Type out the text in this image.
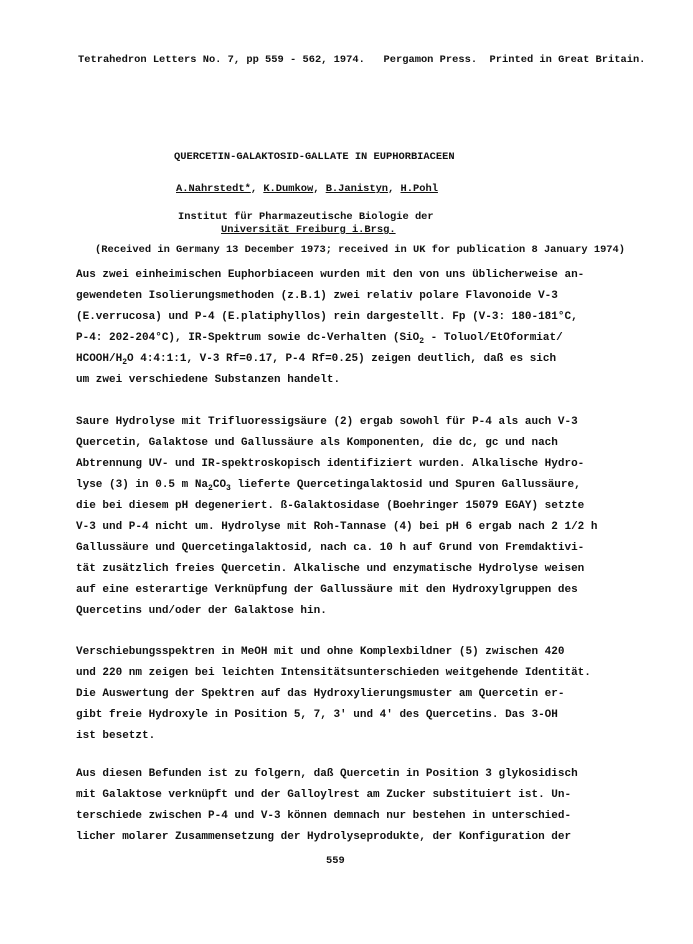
Tetrahedron Letters No. 7, pp 559 - 562, 1974.   Pergamon Press.  Printed in Great Britain.
QUERCETIN-GALAKTOSID-GALLATE IN EUPHORBIACEEN
A.Nahrstedt*, K.Dumkow, B.Janistyn, H.Pohl
Institut für Pharmazeutische Biologie der
Universität Freiburg i.Brsg.
(Received in Germany 13 December 1973; received in UK for publication 8 January 1974)
Aus zwei einheimischen Euphorbiaceen wurden mit den von uns üblicherweise an-
gewendeten Isolierungsmethoden (z.B.1) zwei relativ polare Flavonoide V-3
(E.verrucosa) und P-4 (E.platiphyllos) rein dargestellt. Fp (V-3: 180-181°C,
P-4: 202-204°C), IR-Spektrum sowie dc-Verhalten (SiO$_2$ - Toluol/EtOformiat/
HCOOH/$H_2O$ 4:4:1:1, V-3 Rf=0.17, P-4 Rf=0.25) zeigen deutlich, daß es sich
um zwei verschiedene Substanzen handelt.
Saure Hydrolyse mit Trifluoressigsäure (2) ergab sowohl für P-4 als auch V-3
Quercetin, Galaktose und Gallussäure als Komponenten, die dc, gc und nach
Abtrennung UV- und IR-spektroskopisch identifiziert wurden. Alkalische Hydro-
lyse (3) in 0.5 m $Na_2CO_3$ lieferte Quercetingalaktosid und Spuren Gallussäure,
die bei diesem pH degeneriert. ß-Galaktosidase (Boehringer 15079 EGAY) setzte
V-3 und P-4 nicht um. Hydrolyse mit Roh-Tannase (4) bei pH 6 ergab nach 2 1/2 h
Gallussäure und Quercetingalaktosid, nach ca. 10 h auf Grund von Fremdaktivi-
tät zusätzlich freies Quercetin. Alkalische und enzymatische Hydrolyse weisen
auf eine esterartige Verknüpfung der Gallussäure mit den Hydroxylgruppen des
Quercetins und/oder der Galaktose hin.
Verschiebungsspektren in MeOH mit und ohne Komplexbildner (5) zwischen 420
und 220 nm zeigen bei leichten Intensitätsunterschieden weitgehende Identität.
Die Auswertung der Spektren auf das Hydroxylierungsmuster am Quercetin er-
gibt freie Hydroxyle in Position 5, 7, 3' und 4' des Quercetins. Das 3-OH
ist besetzt.
Aus diesen Befunden ist zu folgern, daß Quercetin in Position 3 glykosidisch
mit Galaktose verknüpft und der Galloylrest am Zucker substituiert ist. Un-
terschiede zwischen P-4 und V-3 können demnach nur bestehen in unterschied-
licher molarer Zusammensetzung der Hydrolyseprodukte, der Konfiguration der
559
